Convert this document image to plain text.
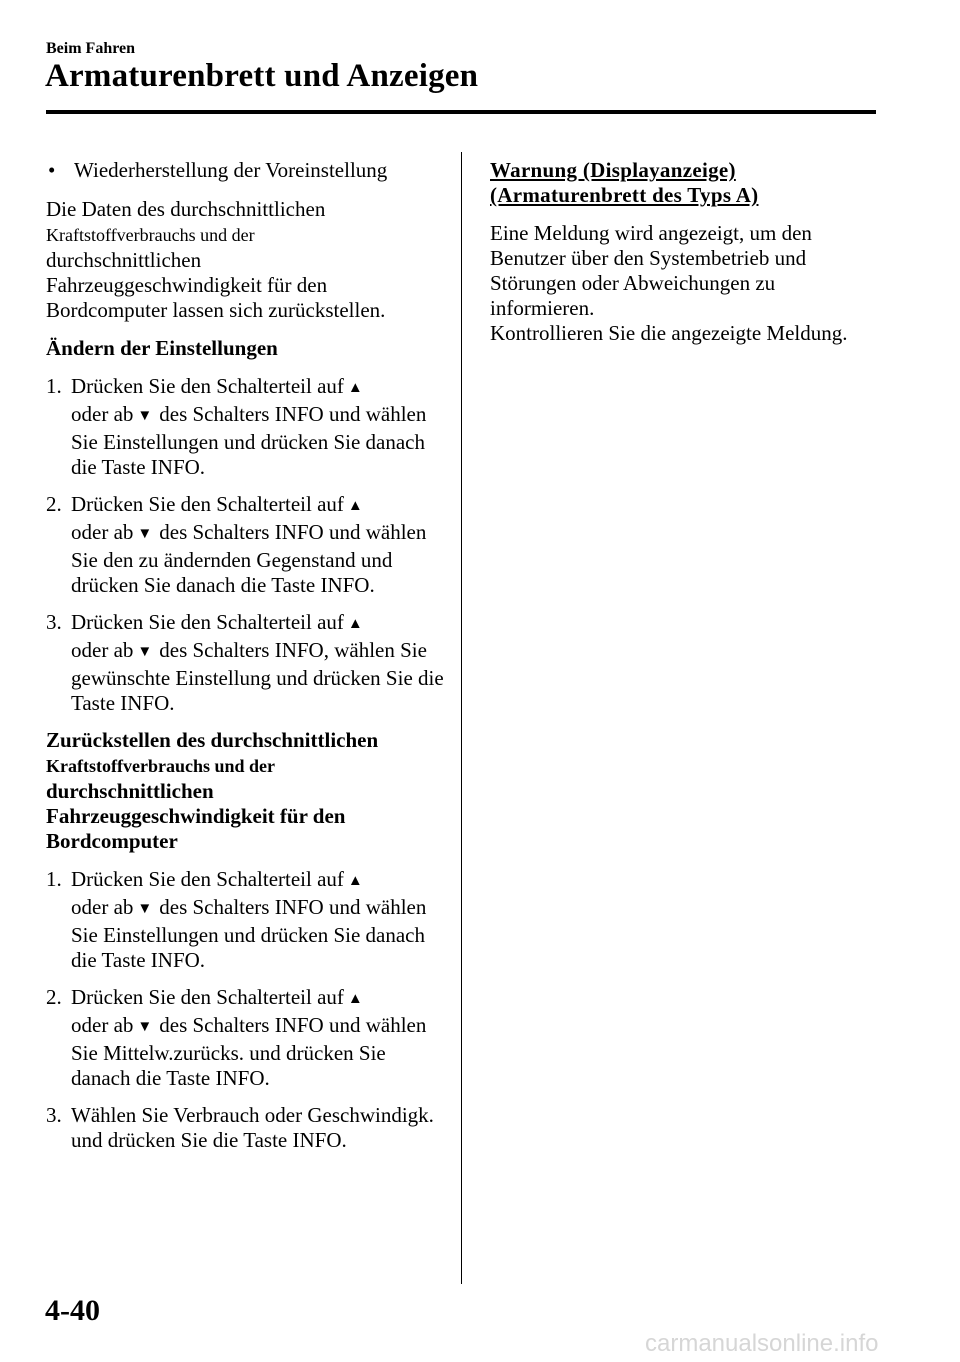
Beim Fahren
Armaturenbrett und Anzeigen

• Wiederherstellung der Voreinstellung

Die Daten des durchschnittlichen
Kraftstoffverbrauchs und der
durchschnittlichen
Fahrzeuggeschwindigkeit für den
Bordcomputer lassen sich zurückstellen.

Ändern der Einstellungen

1. Drücken Sie den Schalterteil auf ▲
oder ab ▼ des Schalters INFO und wählen Sie Einstellungen und drücken Sie danach die Taste INFO.
2. Drücken Sie den Schalterteil auf ▲
oder ab ▼ des Schalters INFO und wählen Sie den zu ändernden Gegenstand und drücken Sie danach die Taste INFO.
3. Drücken Sie den Schalterteil auf ▲
oder ab ▼ des Schalters INFO, wählen Sie gewünschte Einstellung und drücken Sie die Taste INFO.

Zurückstellen des durchschnittlichen
Kraftstoffverbrauchs und der
durchschnittlichen
Fahrzeuggeschwindigkeit für den
Bordcomputer

1. Drücken Sie den Schalterteil auf ▲
oder ab ▼ des Schalters INFO und wählen Sie Einstellungen und drücken Sie danach die Taste INFO.
2. Drücken Sie den Schalterteil auf ▲
oder ab ▼ des Schalters INFO und wählen Sie Mittelw.zurücks. und drücken Sie danach die Taste INFO.
3. Wählen Sie Verbrauch oder Geschwindigk. und drücken Sie die Taste INFO.

Warnung (Displayanzeige)
(Armaturenbrett des Typs A)

Eine Meldung wird angezeigt, um den
Benutzer über den Systembetrieb und
Störungen oder Abweichungen zu
informieren.
Kontrollieren Sie die angezeigte Meldung.

4-40
carmanualsonline.info
